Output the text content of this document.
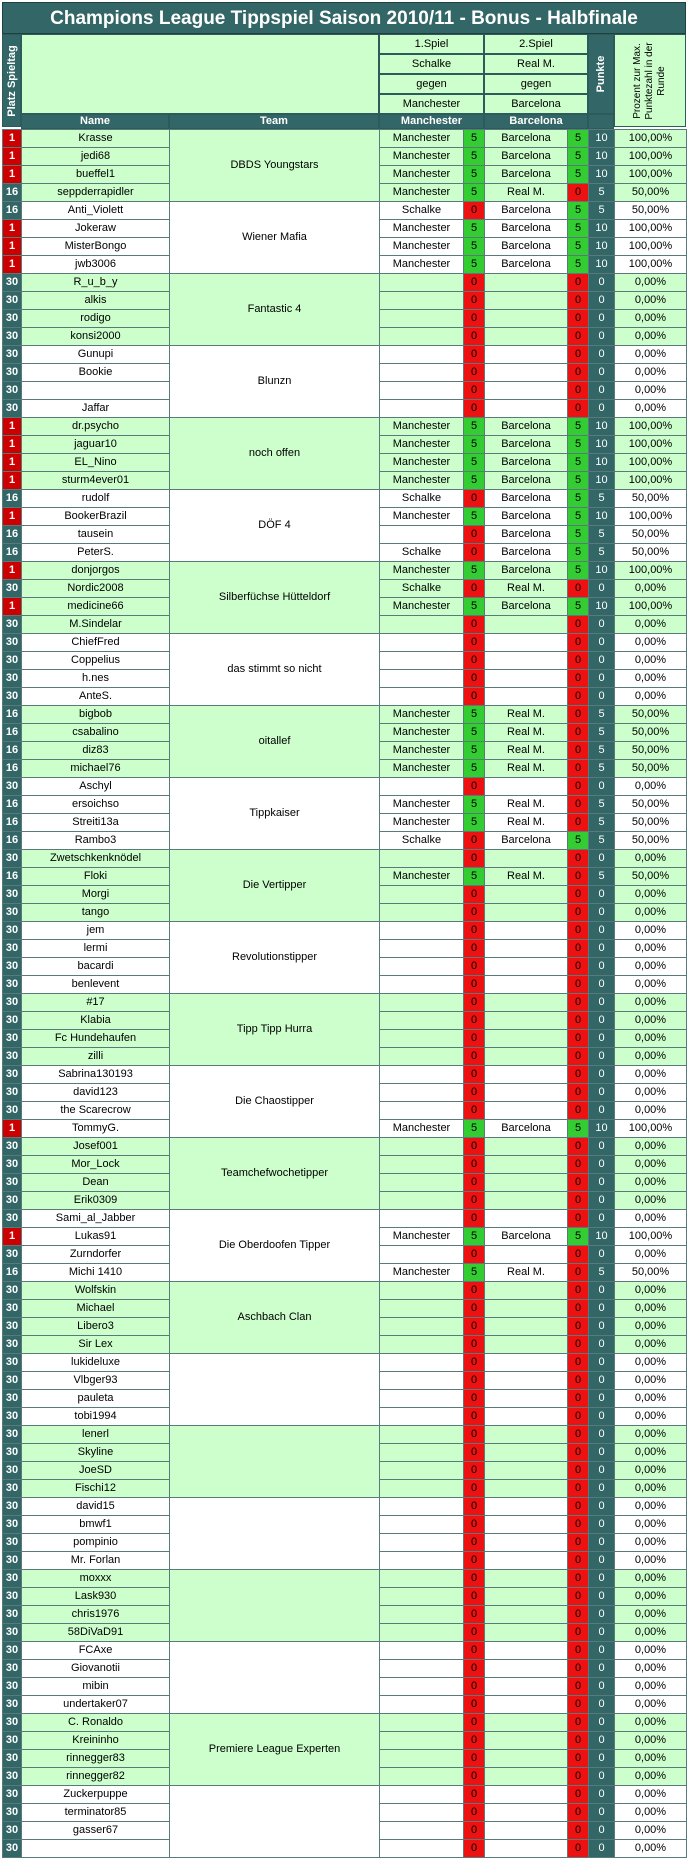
Champions League Tippspiel Saison 2010/11 - Bonus - Halbfinale
Platz Spieltag
1.Spiel	2.Spiel
Schalke	Real M.
gegen	gegen
Manchester	Barcelona
Punkte	Prozent zur Max. Punktezahl in der Runde
Name	Team	Manchester	Barcelona
1	Krasse	DBDS Youngstars	Manchester	5	Barcelona	5	10	100,00%
1	jedi68		Manchester	5	Barcelona	5	10	100,00%
1	bueffel1		Manchester	5	Barcelona	5	10	100,00%
16	seppderrapidler		Manchester	5	Real M.	0	5	50,00%
16	Anti_Violett	Wiener Mafia	Schalke	0	Barcelona	5	5	50,00%
1	Jokeraw		Manchester	5	Barcelona	5	10	100,00%
1	MisterBongo		Manchester	5	Barcelona	5	10	100,00%
1	jwb3006		Manchester	5	Barcelona	5	10	100,00%
30	R_u_b_y	Fantastic 4		0		0	0	0,00%
30	alkis			0		0	0	0,00%
30	rodigo			0		0	0	0,00%
30	konsi2000			0		0	0	0,00%
30	Gunupi	Blunzn		0		0	0	0,00%
30	Bookie			0		0	0	0,00%
30				0		0	0	0,00%
30	Jaffar			0		0	0	0,00%
1	dr.psycho	noch offen	Manchester	5	Barcelona	5	10	100,00%
1	jaguar10		Manchester	5	Barcelona	5	10	100,00%
1	EL_Nino		Manchester	5	Barcelona	5	10	100,00%
1	sturm4ever01		Manchester	5	Barcelona	5	10	100,00%
16	rudolf	DÖF 4	Schalke	0	Barcelona	5	5	50,00%
1	BookerBrazil		Manchester	5	Barcelona	5	10	100,00%
16	tausein			0	Barcelona	5	5	50,00%
16	PeterS.		Schalke	0	Barcelona	5	5	50,00%
1	donjorgos	Silberfüchse Hütteldorf	Manchester	5	Barcelona	5	10	100,00%
30	Nordic2008		Schalke	0	Real M.	0	0	0,00%
1	medicine66		Manchester	5	Barcelona	5	10	100,00%
30	M.Sindelar			0		0	0	0,00%
30	ChiefFred	das stimmt so nicht		0		0	0	0,00%
30	Coppelius			0		0	0	0,00%
30	h.nes			0		0	0	0,00%
30	AnteS.			0		0	0	0,00%
16	bigbob	oitallef	Manchester	5	Real M.	0	5	50,00%
16	csabalino		Manchester	5	Real M.	0	5	50,00%
16	diz83		Manchester	5	Real M.	0	5	50,00%
16	michael76		Manchester	5	Real M.	0	5	50,00%
30	Aschyl	Tippkaiser		0		0	0	0,00%
16	ersoichso		Manchester	5	Real M.	0	5	50,00%
16	Streiti13a		Manchester	5	Real M.	0	5	50,00%
16	Rambo3		Schalke	0	Barcelona	5	5	50,00%
30	Zwetschkenknödel	Die Vertipper		0		0	0	0,00%
16	Floki		Manchester	5	Real M.	0	5	50,00%
30	Morgi			0		0	0	0,00%
30	tango			0		0	0	0,00%
30	jem	Revolutionstipper		0		0	0	0,00%
30	lermi			0		0	0	0,00%
30	bacardi			0		0	0	0,00%
30	benlevent			0		0	0	0,00%
30	#17	Tipp Tipp Hurra		0		0	0	0,00%
30	Klabia			0		0	0	0,00%
30	Fc Hundehaufen			0		0	0	0,00%
30	zilli			0		0	0	0,00%
30	Sabrina130193	Die Chaostipper		0		0	0	0,00%
30	david123			0		0	0	0,00%
30	the Scarecrow			0		0	0	0,00%
1	TommyG.		Manchester	5	Barcelona	5	10	100,00%
30	Josef001	Teamchefwochetipper		0		0	0	0,00%
30	Mor_Lock			0		0	0	0,00%
30	Dean			0		0	0	0,00%
30	Erik0309			0		0	0	0,00%
30	Sami_al_Jabber	Die Oberdoofen Tipper		0		0	0	0,00%
1	Lukas91		Manchester	5	Barcelona	5	10	100,00%
30	Zurndorfer			0		0	0	0,00%
16	Michi 1410		Manchester	5	Real M.	0	5	50,00%
30	Wolfskin	Aschbach Clan		0		0	0	0,00%
30	Michael			0		0	0	0,00%
30	Libero3			0		0	0	0,00%
30	Sir Lex			0		0	0	0,00%
30	lukideluxe			0		0	0	0,00%
30	Vlbger93			0		0	0	0,00%
30	pauleta			0		0	0	0,00%
30	tobi1994			0		0	0	0,00%
30	lenerl			0		0	0	0,00%
30	Skyline			0		0	0	0,00%
30	JoeSD			0		0	0	0,00%
30	Fischi12			0		0	0	0,00%
30	david15			0		0	0	0,00%
30	bmwf1			0		0	0	0,00%
30	pompinio			0		0	0	0,00%
30	Mr. Forlan			0		0	0	0,00%
30	moxxx			0		0	0	0,00%
30	Lask930			0		0	0	0,00%
30	chris1976			0		0	0	0,00%
30	58DiVaD91			0		0	0	0,00%
30	FCAxe			0		0	0	0,00%
30	Giovanotii			0		0	0	0,00%
30	mibin			0		0	0	0,00%
30	undertaker07			0		0	0	0,00%
30	C. Ronaldo	Premiere League Experten		0		0	0	0,00%
30	Kreininho			0		0	0	0,00%
30	rinnegger83			0		0	0	0,00%
30	rinnegger82			0		0	0	0,00%
30	Zuckerpuppe			0		0	0	0,00%
30	terminator85			0		0	0	0,00%
30	gasser67			0		0	0	0,00%
30				0		0	0	0,00%
